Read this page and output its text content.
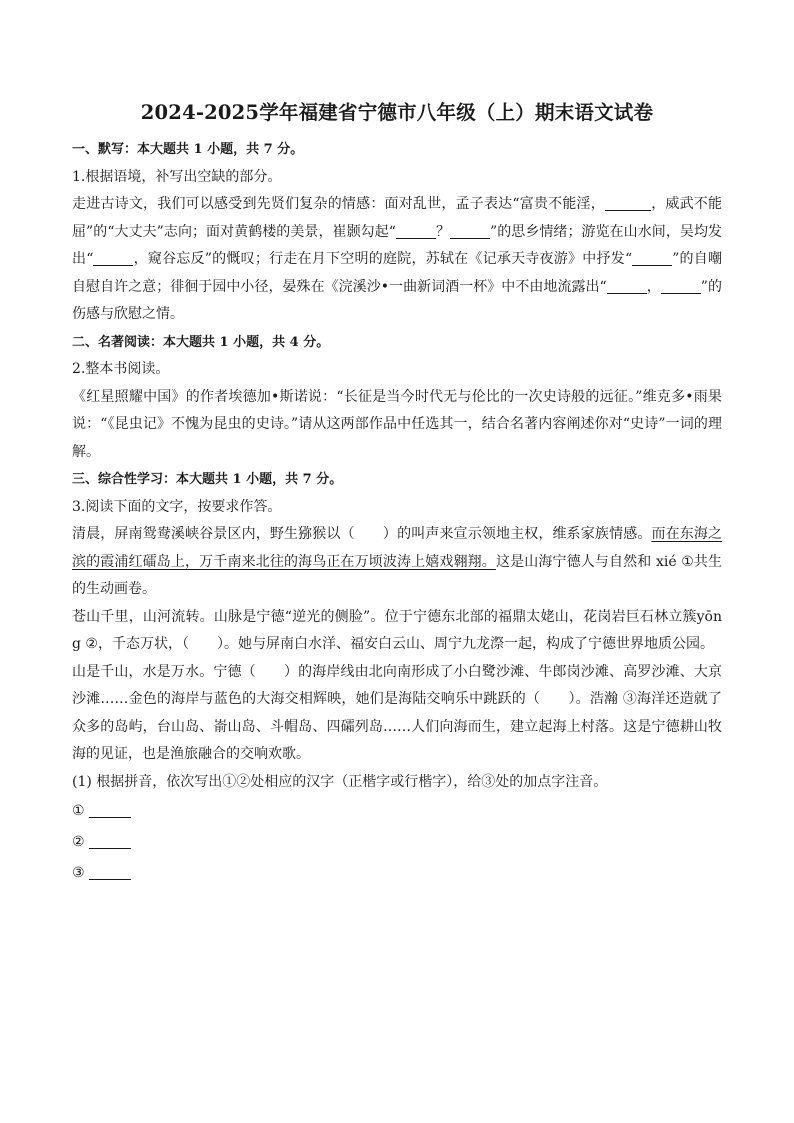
2024-2025学年福建省宁德市八年级（上）期末语文试卷

一、默写：本大题共 1 小题，共 7 分。

1.根据语境，补写出空缺的部分。

走进古诗文，我们可以感受到先贤们复杂的情感：面对乱世，孟子表达“富贵不能淫，	，威武不能屈”的“大丈夫”志向；面对黄鹤楼的美景，崔颢勾起“	？	”的思乡情绪；游览在山水间，吴均发出“	，窥谷忘反”的慨叹；行走在月下空明的庭院，苏轼在《记承天寺夜游》中抒发“	”的自嘲自慰自许之意；徘徊于园中小径，晏殊在《浣溪沙•一曲新词酒一杯》中不由地流露出“	，	”的伤感与欣慰之情。

二、名著阅读：本大题共 1 小题，共 4 分。

2.整本书阅读。

《红星照耀中国》的作者埃德加•斯诺说：“长征是当今时代无与伦比的一次史诗般的远征。”维克多•雨果说：“《昆虫记》不愧为昆虫的史诗。”请从这两部作品中任选其一，结合名著内容阐述你对“史诗”一词的理解。

三、综合性学习：本大题共 1 小题，共 7 分。

3.阅读下面的文字，按要求作答。

清晨，屏南鸳鸯溪峡谷景区内，野生猕猴以（　　）的叫声来宣示领地主权，维系家族情感。而在东海之滨的霞浦红礌岛上，万千南来北往的海鸟正在万顷波涛上嬉戏翱翔。这是山海宁德人与自然和 xié ①共生的生动画卷。

苍山千里，山河流转。山脉是宁德“逆光的侧脸”。位于宁德东北部的福鼎太姥山，花岗岩巨石林立簇yōng ②，千态万状，（　　）。她与屏南白水洋、福安白云山、周宁九龙漈一起，构成了宁德世界地质公园。

山是千山，水是万水。宁德（　　）的海岸线由北向南形成了小白鹭沙滩、牛郎岗沙滩、高罗沙滩、大京沙滩……金色的海岸与蓝色的大海交相辉映，她们是海陆交响乐中跳跃的（　　）。浩瀚 ③海洋还造就了众多的岛屿，台山岛、嵛山岛、斗帽岛、四礵列岛……人们向海而生，建立起海上村落。这是宁德耕山牧海的见证，也是渔旅融合的交响欢歌。

(1) 根据拼音，依次写出①②处相应的汉字（正楷字或行楷字），给③处的加点字注音。

①

②

③
